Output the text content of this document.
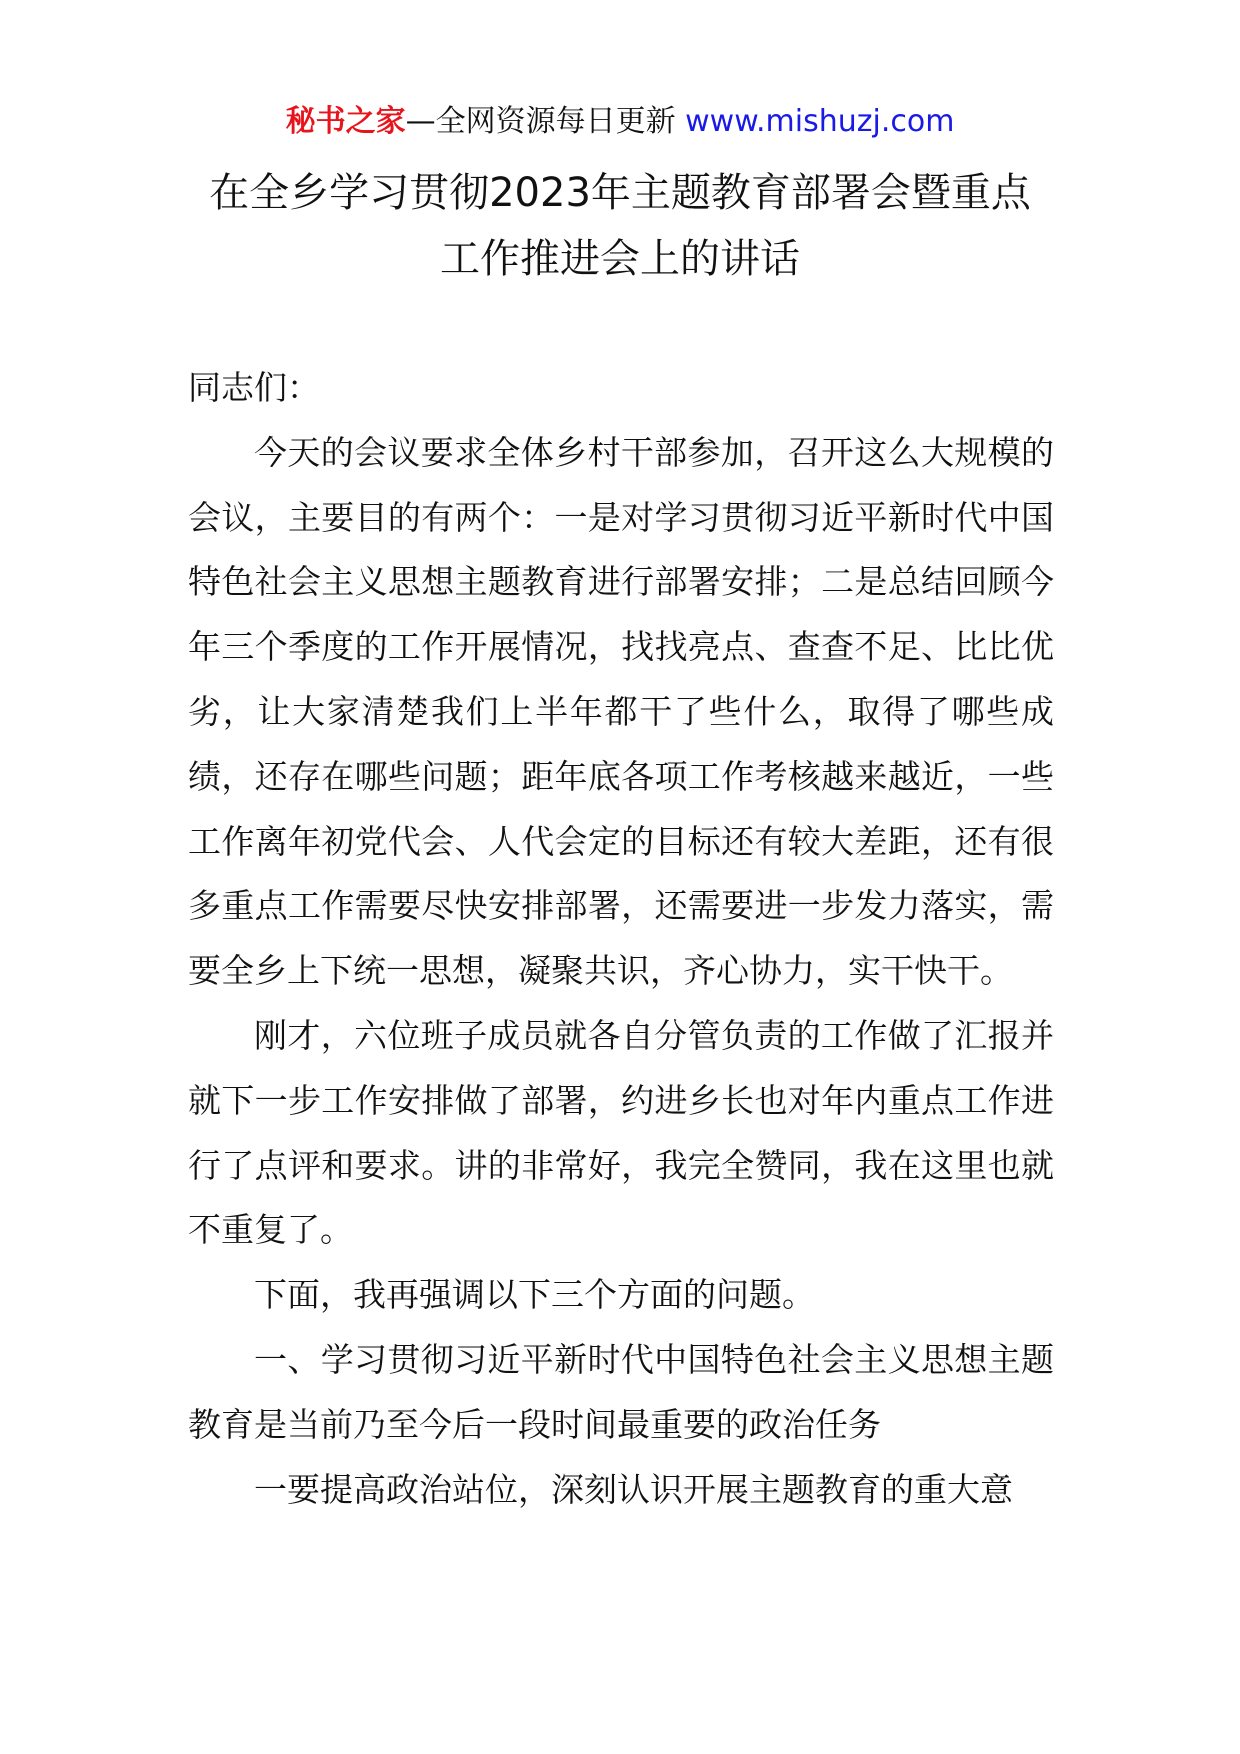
秘书之家—全网资源每日更新 www.mishuzj.com
在全乡学习贯彻2023年主题教育部署会暨重点
工作推进会上的讲话

同志们：

今天的会议要求全体乡村干部参加，召开这么大规模的会议，主要目的有两个：一是对学习贯彻习近平新时代中国特色社会主义思想主题教育进行部署安排；二是总结回顾今年三个季度的工作开展情况，找找亮点、查查不足、比比优劣，让大家清楚我们上半年都干了些什么，取得了哪些成绩，还存在哪些问题；距年底各项工作考核越来越近，一些工作离年初党代会、人代会定的目标还有较大差距，还有很多重点工作需要尽快安排部署，还需要进一步发力落实，需要全乡上下统一思想，凝聚共识，齐心协力，实干快干。

刚才，六位班子成员就各自分管负责的工作做了汇报并就下一步工作安排做了部署，约进乡长也对年内重点工作进行了点评和要求。讲的非常好，我完全赞同，我在这里也就不重复了。

下面，我再强调以下三个方面的问题。

一、学习贯彻习近平新时代中国特色社会主义思想主题教育是当前乃至今后一段时间最重要的政治任务

一要提高政治站位，深刻认识开展主题教育的重大意
